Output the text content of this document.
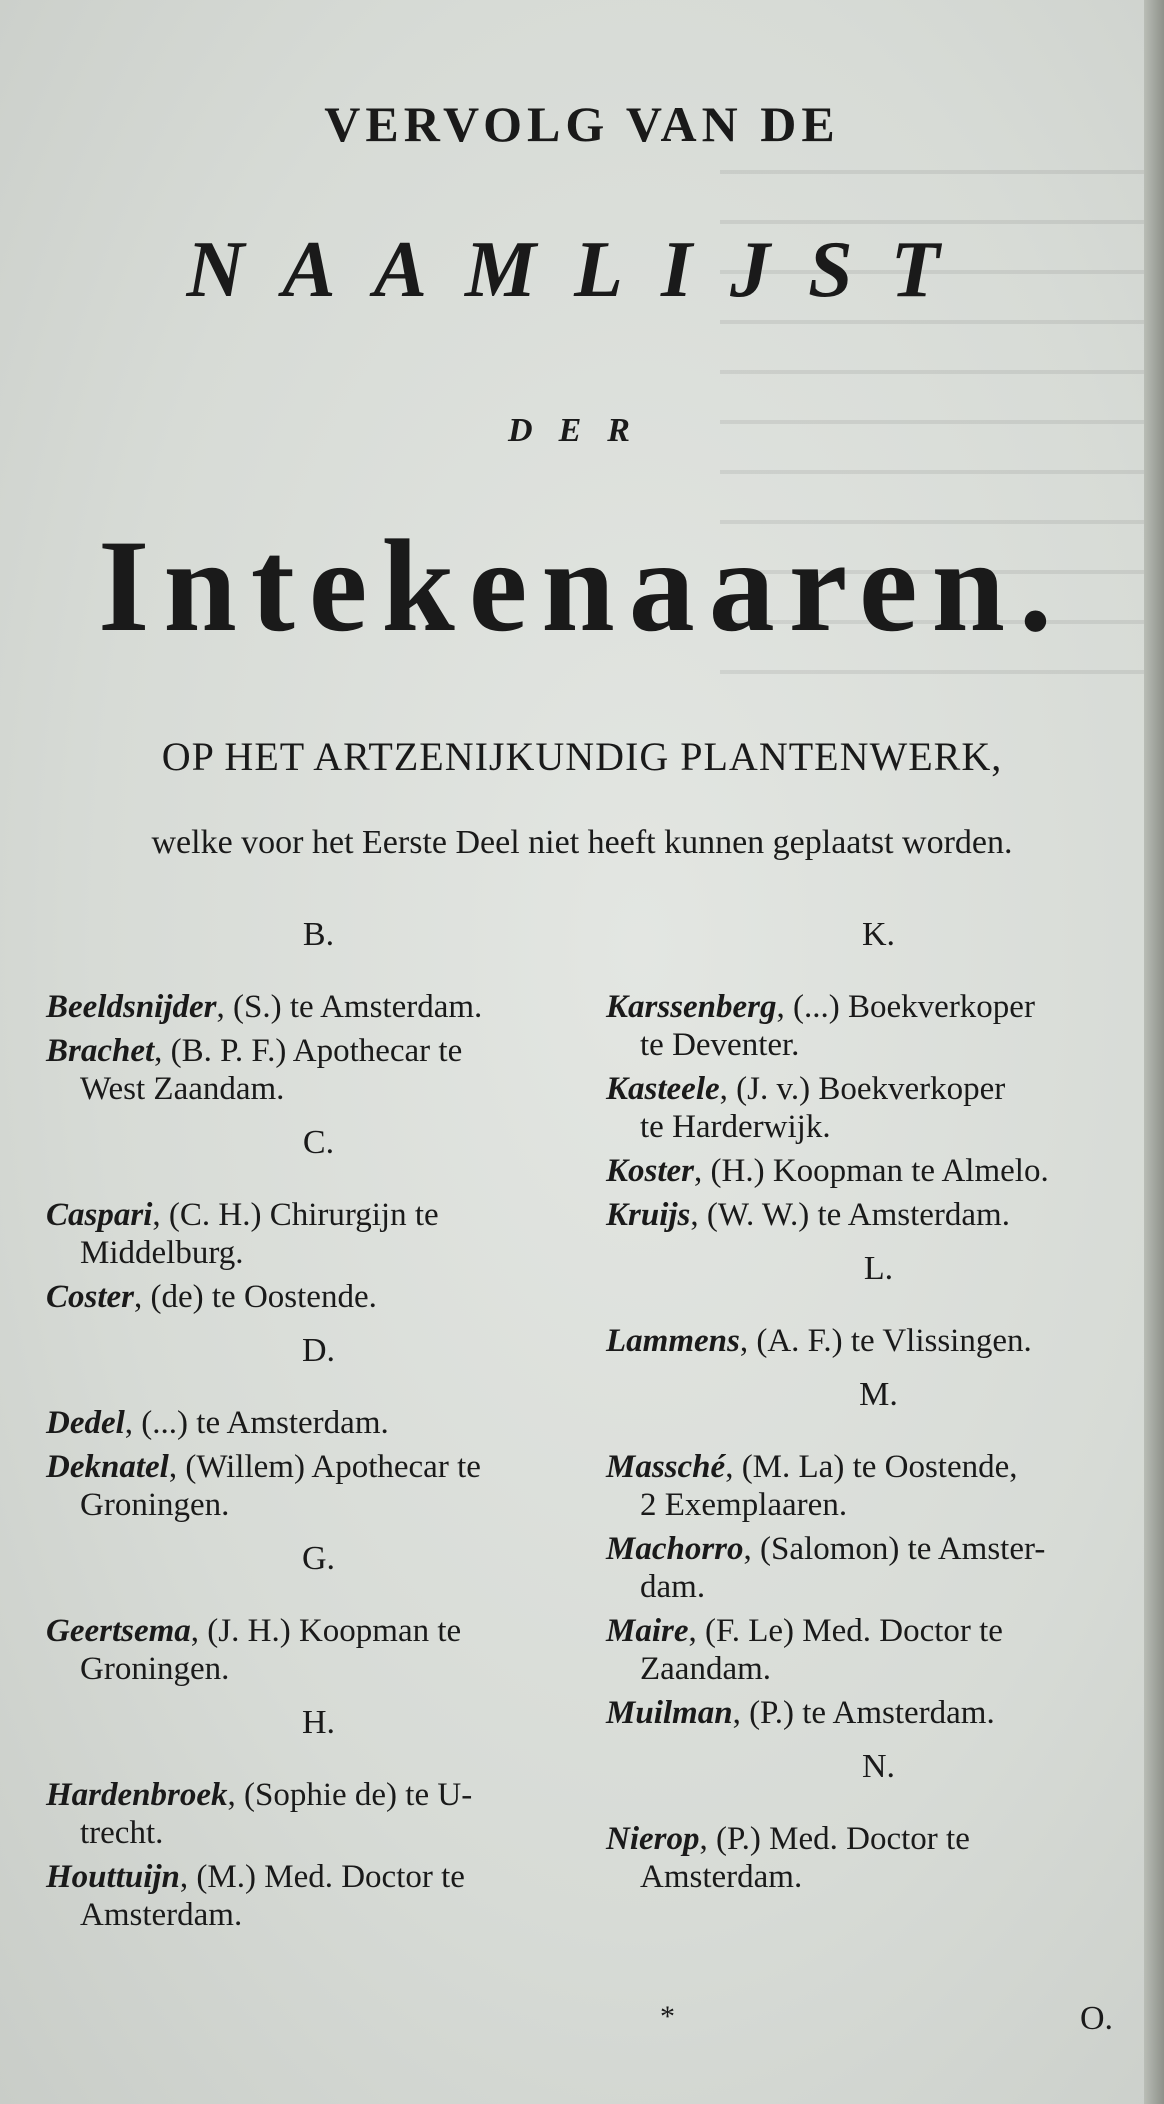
VERVOLG VAN DE
NAAMLIJST
DER
Intekenaaren.
OP HET ARTZENIJKUNDIG PLANTENWERK,
welke voor het Eerste Deel niet heeft kunnen geplaatst worden.
B.
Beeldsnijder, (S.) te Amsterdam.
Brachet, (B. P. F.) Apothecar te
West Zaandam.
C.
Caspari, (C. H.) Chirurgijn te
Middelburg.
Coster, (de) te Oostende.
D.
Dedel, (...) te Amsterdam.
Deknatel, (Willem) Apothecar te
Groningen.
G.
Geertsema, (J. H.) Koopman te
Groningen.
H.
Hardenbroek, (Sophie de) te U-
trecht.
Houttuijn, (M.) Med. Doctor te
Amsterdam.
K.
Karssenberg, (...) Boekverkoper
te Deventer.
Kasteele, (J. v.) Boekverkoper
te Harderwijk.
Koster, (H.) Koopman te Almelo.
Kruijs, (W. W.) te Amsterdam.
L.
Lammens, (A. F.) te Vlissingen.
M.
Massché, (M. La) te Oostende,
2 Exemplaaren.
Machorro, (Salomon) te Amster-
dam.
Maire, (F. Le) Med. Doctor te
Zaandam.
Muilman, (P.) te Amsterdam.
N.
Nierop, (P.) Med. Doctor te
Amsterdam.
*	O.
